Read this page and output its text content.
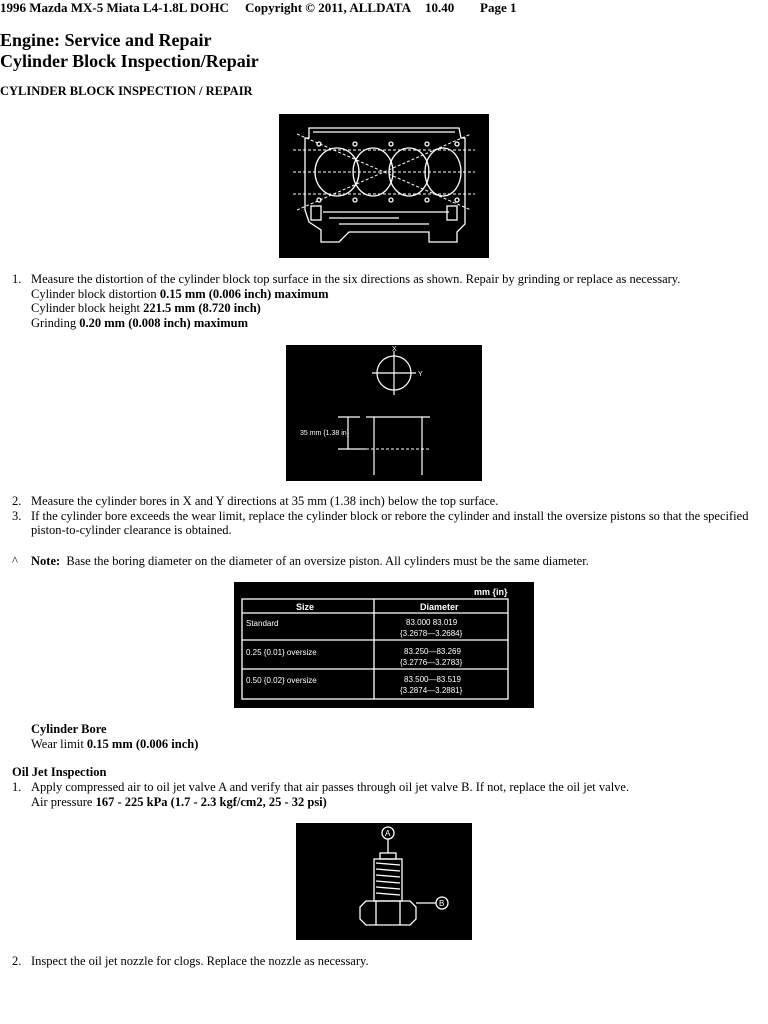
1996 Mazda MX-5 Miata L4-1.8L DOHC

Copyright © 2011, ALLDATA

10.40

Page 1

Engine: Service and Repair
Cylinder Block Inspection/Repair
CYLINDER BLOCK INSPECTION / REPAIR
1. Measure the distortion of the cylinder block top surface in the six directions as shown. Repair by grinding or replace as necessary.
Cylinder block distortion 0.15 mm (0.006 inch) maximum
Cylinder block height 221.5 mm (8.720 inch)
Grinding 0.20 mm (0.008 inch) maximum
X
Y
35 mm {1.38 in}
2. Measure the cylinder bores in X and Y directions at 35 mm (1.38 inch) below the top surface.
3. If the cylinder bore exceeds the wear limit, replace the cylinder block or rebore the cylinder and install the oversize pistons so that the specified
piston-to-cylinder clearance is obtained.
^ Note: Base the boring diameter on the diameter of an oversize piston. All cylinders must be the same diameter.
mm {in}
Size	Diameter
Standard	83.000 83.019
{3.2678—3.2684}
0.25 {0.01} oversize	83.250—83.269
{3.2776—3.2783}
0.50 {0.02} oversize	83.500—83.519
{3.2874—3.2881}
Cylinder Bore
Wear limit 0.15 mm (0.006 inch)
Oil Jet Inspection
1. Apply compressed air to oil jet valve A and verify that air passes through oil jet valve B. If not, replace the oil jet valve.
Air pressure 167 - 225 kPa (1.7 - 2.3 kgf/cm2, 25 - 32 psi)
A
B
2. Inspect the oil jet nozzle for clogs. Replace the nozzle as necessary.
